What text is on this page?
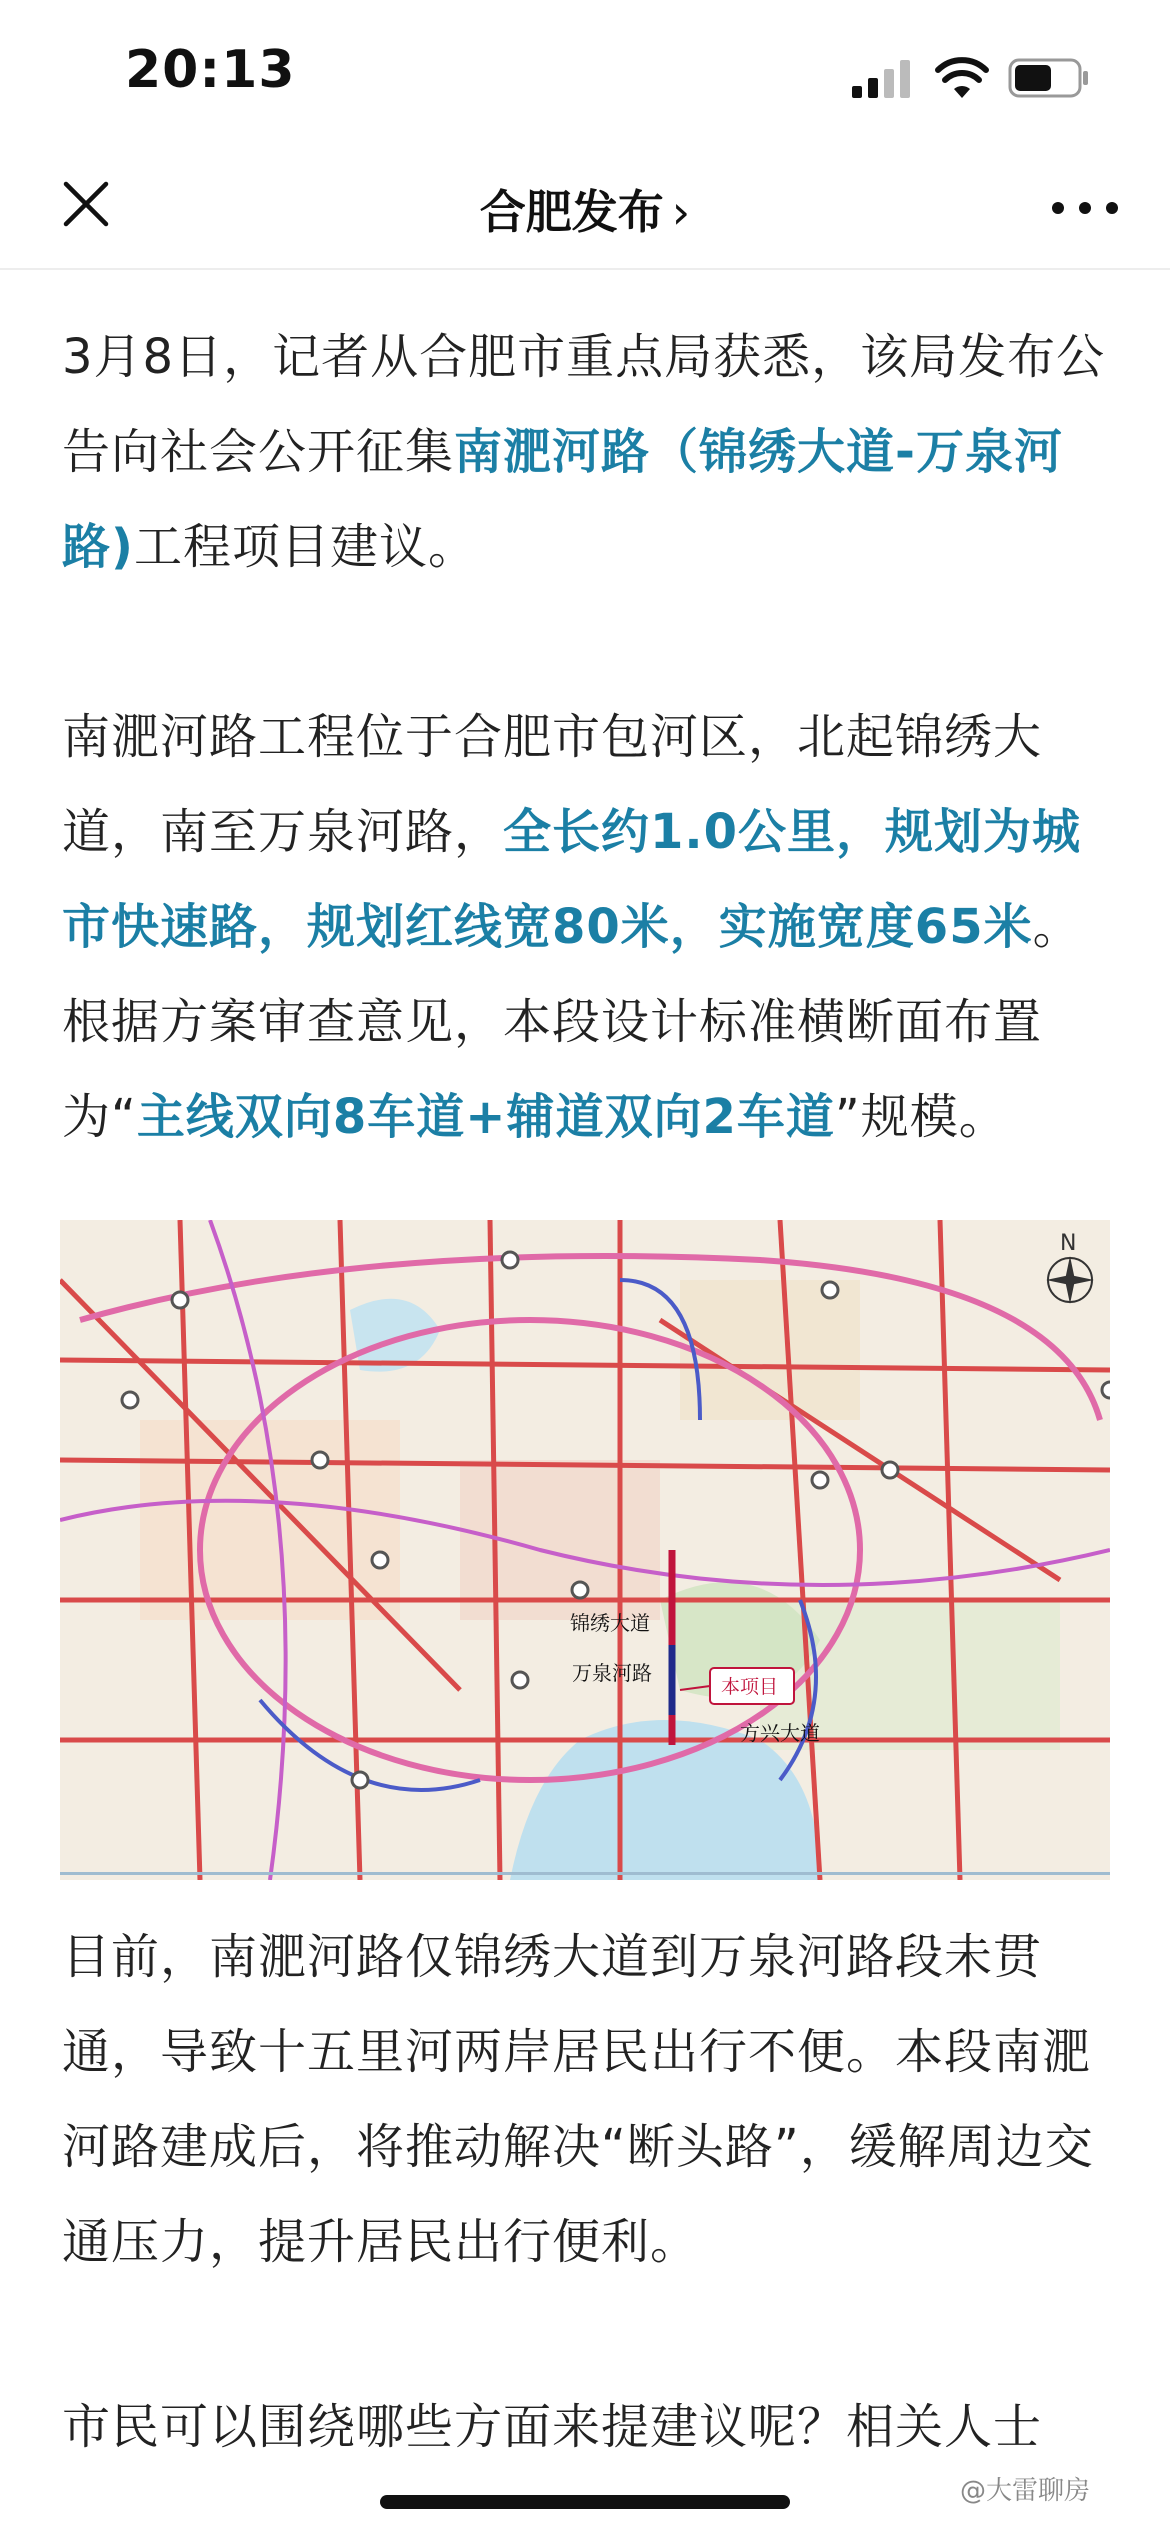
20:13
合肥发布 ›

3月8日，记者从合肥市重点局获悉，该局发布公告向社会公开征集南淝河路（锦绣大道-万泉河路)工程项目建议。

南淝河路工程位于合肥市包河区，北起锦绣大道，南至万泉河路，全长约1.0公里，规划为城市快速路，规划红线宽80米，实施宽度65米。根据方案审查意见，本段设计标准横断面布置为“主线双向8车道+辅道双向2车道”规模。

目前，南淝河路仅锦绣大道到万泉河路段未贯通，导致十五里河两岸居民出行不便。本段南淝河路建成后，将推动解决“断头路”，缓解周边交通压力，提升居民出行便利。

市民可以围绕哪些方面来提建议呢？相关人士

N
锦绣大道
万泉河路
本项目
方兴大道
@大雷聊房
